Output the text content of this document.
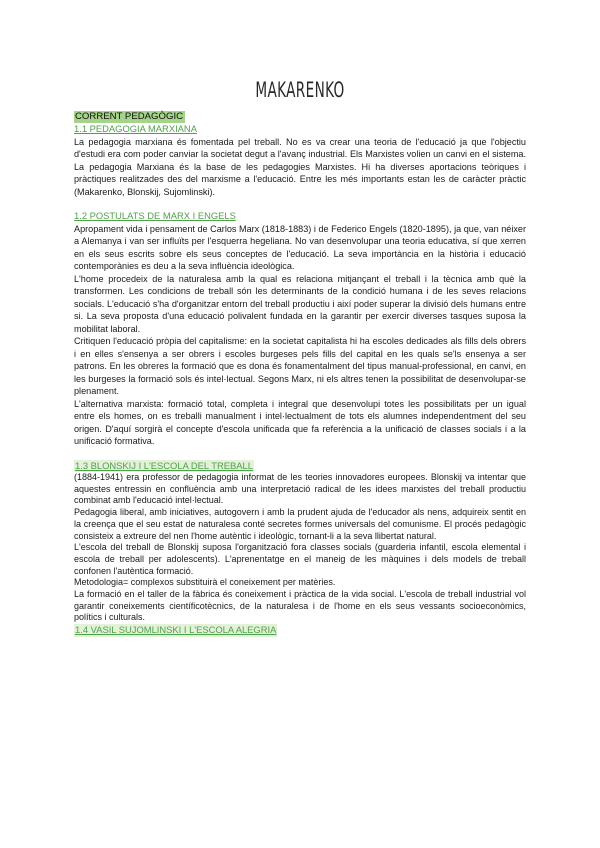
MAKARENKO
CORRENT PEDAGÒGIC
1.1 PEDAGOGIA MARXIANA

La pedagogia marxiana és fomentada pel treball. No es va crear una teoria de l'educació ja que l'objectiu d'estudi era com poder canviar la societat degut a l'avanç industrial. Els Marxistes volien un canvi en el sistema. La pedagogia Marxiana és la base de les pedagogies Marxistes. Hi ha diverses aportacions teòriques i pràctiques realitzades des del marxisme a l'educació. Entre les més importants estan les de caràcter pràctic (Makarenko, Blonskij, Sujomlinski).

1.2 POSTULATS DE MARX I ENGELS

Apropament vida i pensament de Carlos Marx (1818-1883) i de Federico Engels (1820-1895), ja que, van néixer a Alemanya i van ser influïts per l'esquerra hegeliana. No van desenvolupar una teoria educativa, sí que xerren en els seus escrits sobre els seus conceptes de l'educació. La seva importància en la història i educació contemporànies es deu a la seva influència ideològica.

L'home procedeix de la naturalesa amb la qual es relaciona mitjançant el treball i la tècnica amb què la transformen. Les condicions de treball són les determinants de la condició humana i de les seves relacions socials. L'educació s'ha d'organitzar entorn del treball productiu i així poder superar la divisió dels humans entre si. La seva proposta d'una educació polivalent fundada en la garantir per exercir diverses tasques suposa la mobilitat laboral.

Critiquen l'educació pròpia del capitalisme: en la societat capitalista hi ha escoles dedicades als fills dels obrers i en elles s'ensenya a ser obrers i escoles burgeses pels fills del capital en les quals se'ls ensenya a ser patrons. En les obreres la formació que es dona és fonamentalment del tipus manual-professional, en canvi, en les burgeses la formació sols és intel·lectual. Segons Marx, ni els altres tenen la possibilitat de desenvolupar-se plenament.

L'alternativa marxista: formació total, completa i integral que desenvolupi totes les possibilitats per un igual entre els homes, on es treballi manualment i intel·lectualment de tots els alumnes independentment del seu origen. D'aquí sorgirà el concepte d'escola unificada que fa referència a la unificació de classes socials i a la unificació formativa.

1.3 BLONSKIJ I L'ESCOLA DEL TREBALL

(1884-1941) era professor de pedagogia informat de les teories innovadores europees. Blonskij va intentar que aquestes entressin en confluència amb una interpretació radical de les idees marxistes del treball productiu combinat amb l'educació intel·lectual.

Pedagogia liberal, amb iniciatives, autogovern i amb la prudent ajuda de l'educador als nens, adquireix sentit en la creença que el seu estat de naturalesa conté secretes formes universals del comunisme. El procés pedagògic consisteix a extreure del nen l'home autèntic i ideològic, tornant-li a la seva llibertat natural.

L'escola del treball de Blonskij suposa l'organització fora classes socials (guarderia infantil, escola elemental i escola de treball per adolescents). L'aprenentatge en el maneig de les màquines i dels models de treball confonen l'autèntica formació.

Metodologia= complexos substituirà el coneixement per matèries.

La formació en el taller de la fàbrica és coneixement i pràctica de la vida social. L'escola de treball industrial vol garantir coneixements científicotècnics, de la naturalesa i de l'home en els seus vessants socioeconòmics, polítics i culturals.

1.4 VASIL SUJOMLINSKI I L'ESCOLA ALEGRIA
